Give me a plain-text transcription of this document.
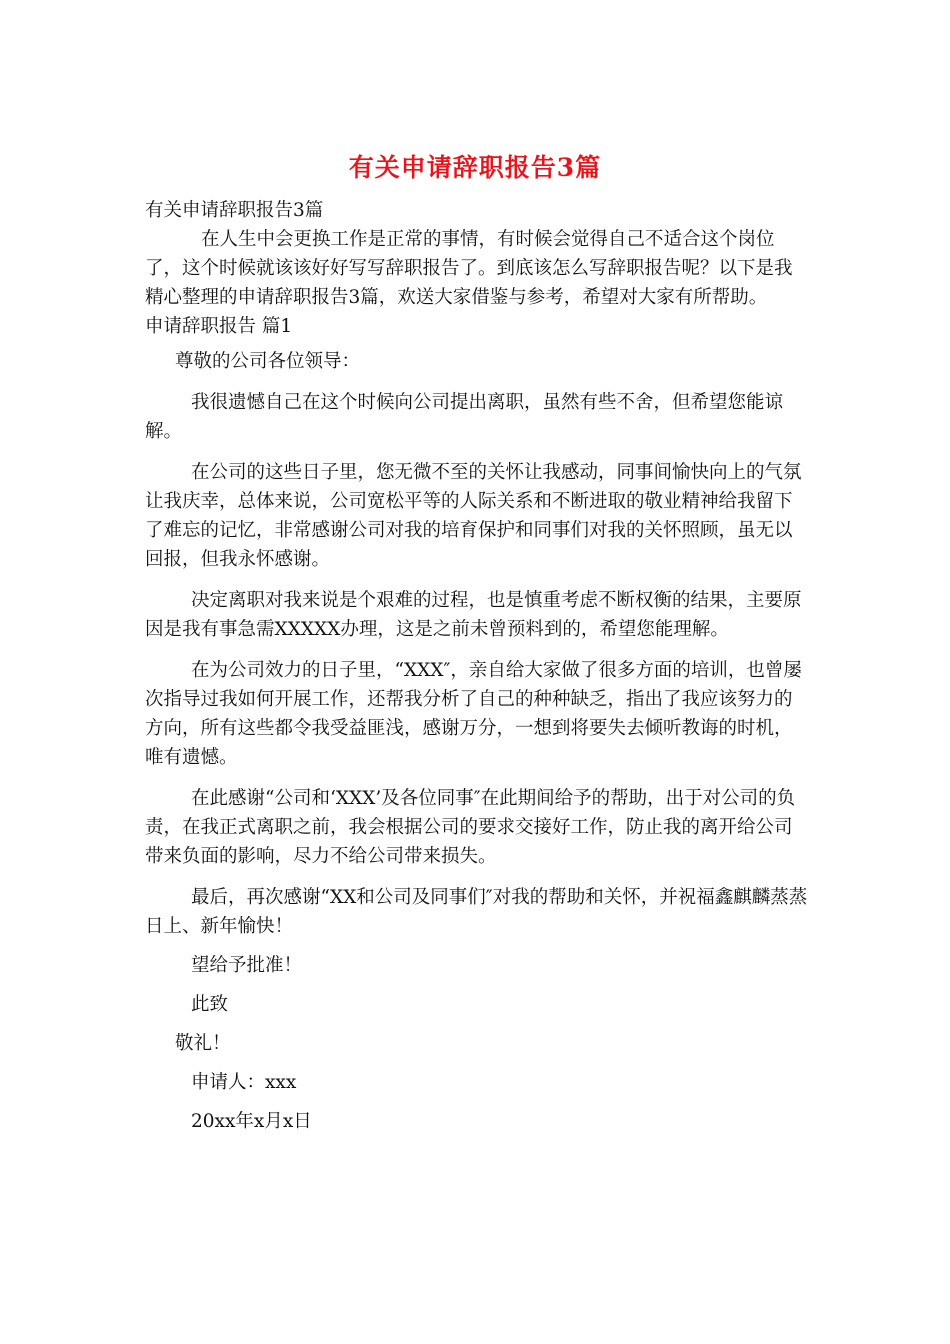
有关申请辞职报告3篇

有关申请辞职报告3篇

在人生中会更换工作是正常的事情，有时候会觉得自己不适合这个岗位了，这个时候就该该好好写写辞职报告了。到底该怎么写辞职报告呢？以下是我精心整理的申请辞职报告3篇，欢送大家借鉴与参考，希望对大家有所帮助。

申请辞职报告 篇1

尊敬的公司各位领导：

我很遗憾自己在这个时候向公司提出离职，虽然有些不舍，但希望您能谅解。

在公司的这些日子里，您无微不至的关怀让我感动，同事间愉快向上的气氛让我庆幸，总体来说，公司宽松平等的人际关系和不断进取的敬业精神给我留下了难忘的记忆，非常感谢公司对我的培育保护和同事们对我的关怀照顾，虽无以回报，但我永怀感谢。

决定离职对我来说是个艰难的过程，也是慎重考虑不断权衡的结果，主要原因是我有事急需XXXXX办理，这是之前未曾预料到的，希望您能理解。

在为公司效力的日子里，“XXX″，亲自给大家做了很多方面的培训，也曾屡次指导过我如何开展工作，还帮我分析了自己的种种缺乏，指出了我应该努力的方向，所有这些都令我受益匪浅，感谢万分，一想到将要失去倾听教诲的时机，唯有遗憾。

在此感谢“公司和‘XXX’及各位同事″在此期间给予的帮助，出于对公司的负责，在我正式离职之前，我会根据公司的要求交接好工作，防止我的离开给公司带来负面的影响，尽力不给公司带来损失。

最后，再次感谢“XX和公司及同事们″对我的帮助和关怀，并祝福鑫麒麟蒸蒸日上、新年愉快！

望给予批准！

此致

敬礼！

申请人：xxx

20xx年x月x日
